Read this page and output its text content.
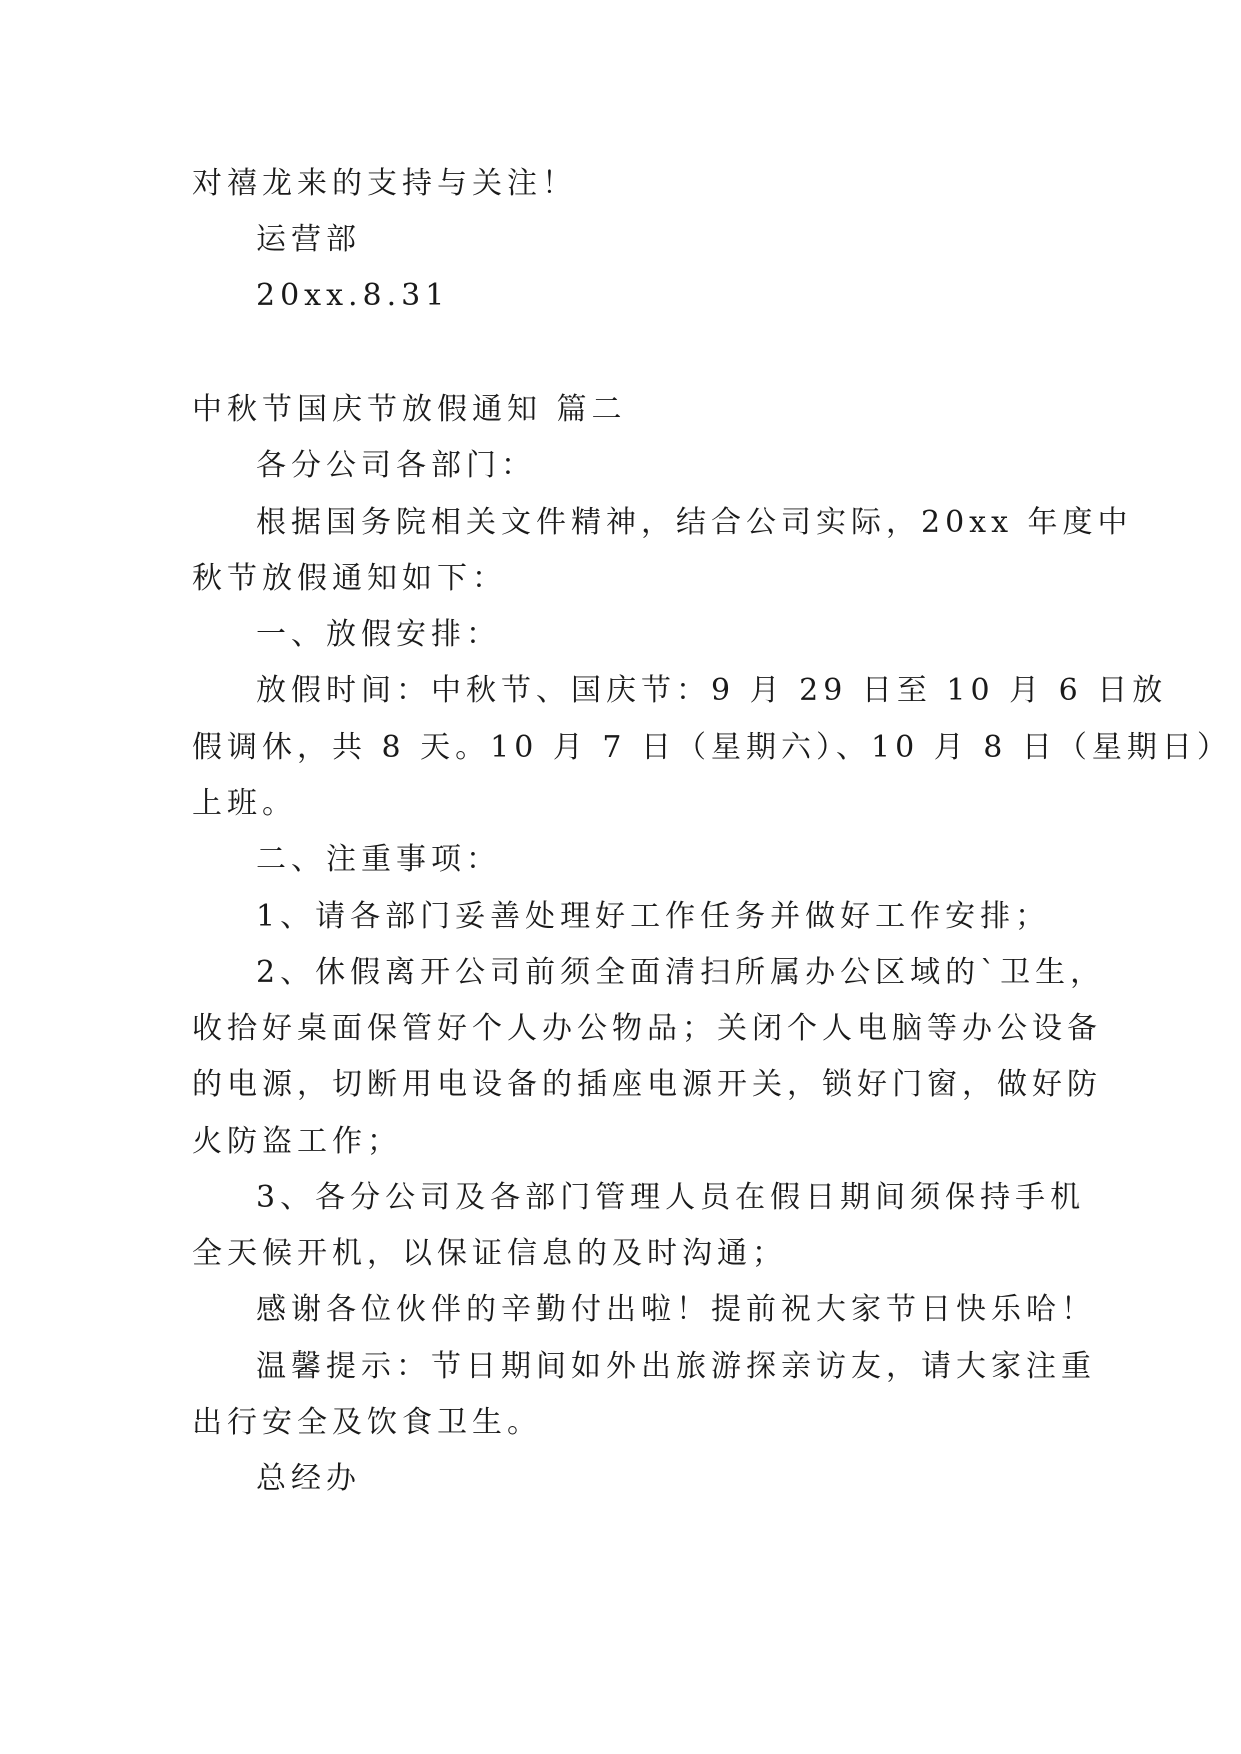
对禧龙来的支持与关注！
运营部
20xx.8.31
中秋节国庆节放假通知 篇二
各分公司各部门：
根据国务院相关文件精神，结合公司实际，20xx 年度中
秋节放假通知如下：
一、放假安排：
放假时间：中秋节、国庆节：9 月 29 日至 10 月 6 日放
假调休，共 8 天。10 月 7 日（星期六）、10 月 8 日（星期日）
上班。
二、注重事项：
1、请各部门妥善处理好工作任务并做好工作安排；
2、休假离开公司前须全面清扫所属办公区域的`卫生，
收拾好桌面保管好个人办公物品；关闭个人电脑等办公设备
的电源，切断用电设备的插座电源开关，锁好门窗，做好防
火防盗工作；
3、各分公司及各部门管理人员在假日期间须保持手机
全天候开机，以保证信息的及时沟通；
感谢各位伙伴的辛勤付出啦！提前祝大家节日快乐哈！
温馨提示：节日期间如外出旅游探亲访友，请大家注重
出行安全及饮食卫生。
总经办
